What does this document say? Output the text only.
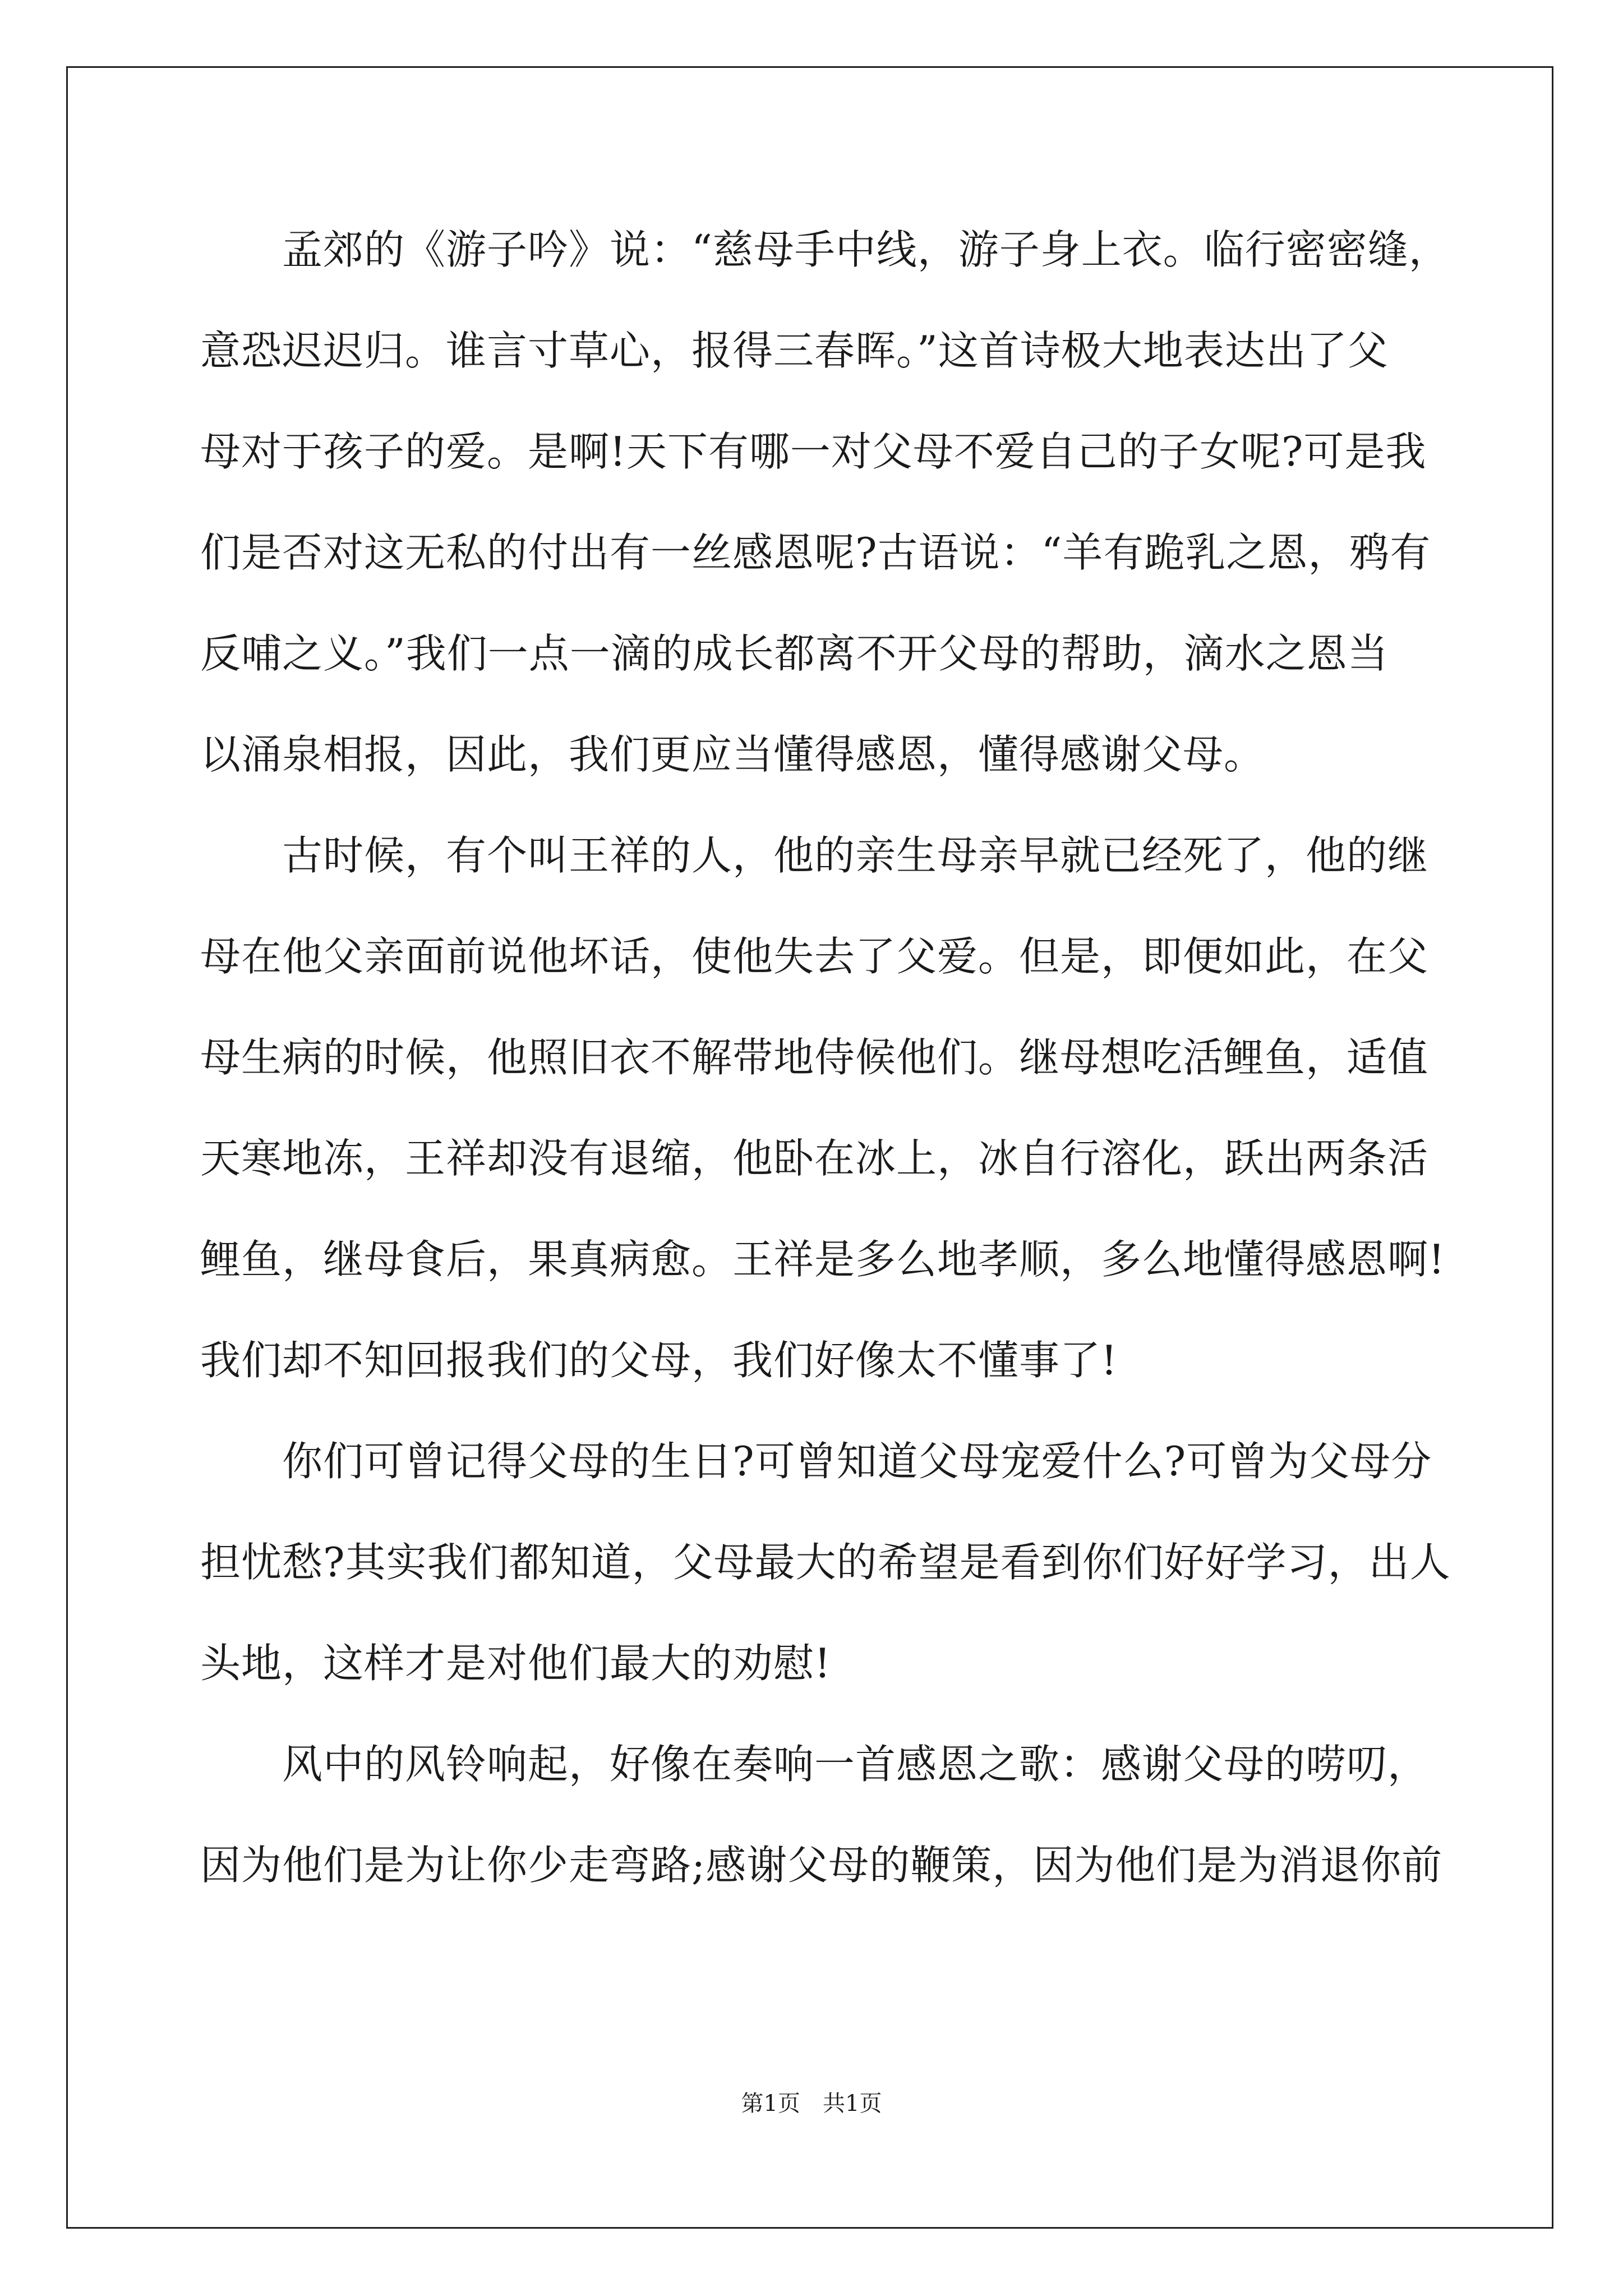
　　孟郊的《游子吟》说：“慈母手中线，游子身上衣。临行密密缝，
意恐迟迟归。谁言寸草心，报得三春晖。”这首诗极大地表达出了父
母对于孩子的爱。是啊!天下有哪一对父母不爱自己的子女呢?可是我
们是否对这无私的付出有一丝感恩呢?古语说：“羊有跪乳之恩，鸦有
反哺之义。”我们一点一滴的成长都离不开父母的帮助，滴水之恩当
以涌泉相报，因此，我们更应当懂得感恩，懂得感谢父母。
　　古时候，有个叫王祥的人，他的亲生母亲早就已经死了，他的继
母在他父亲面前说他坏话，使他失去了父爱。但是，即便如此，在父
母生病的时候，他照旧衣不解带地侍候他们。继母想吃活鲤鱼，适值
天寒地冻，王祥却没有退缩，他卧在冰上，冰自行溶化，跃出两条活
鲤鱼，继母食后，果真病愈。王祥是多么地孝顺，多么地懂得感恩啊!
我们却不知回报我们的父母，我们好像太不懂事了!
　　你们可曾记得父母的生日?可曾知道父母宠爱什么?可曾为父母分
担忧愁?其实我们都知道，父母最大的希望是看到你们好好学习，出人
头地，这样才是对他们最大的劝慰!
　　风中的风铃响起，好像在奏响一首感恩之歌：感谢父母的唠叨，
因为他们是为让你少走弯路;感谢父母的鞭策，因为他们是为消退你前
第1页　共1页
